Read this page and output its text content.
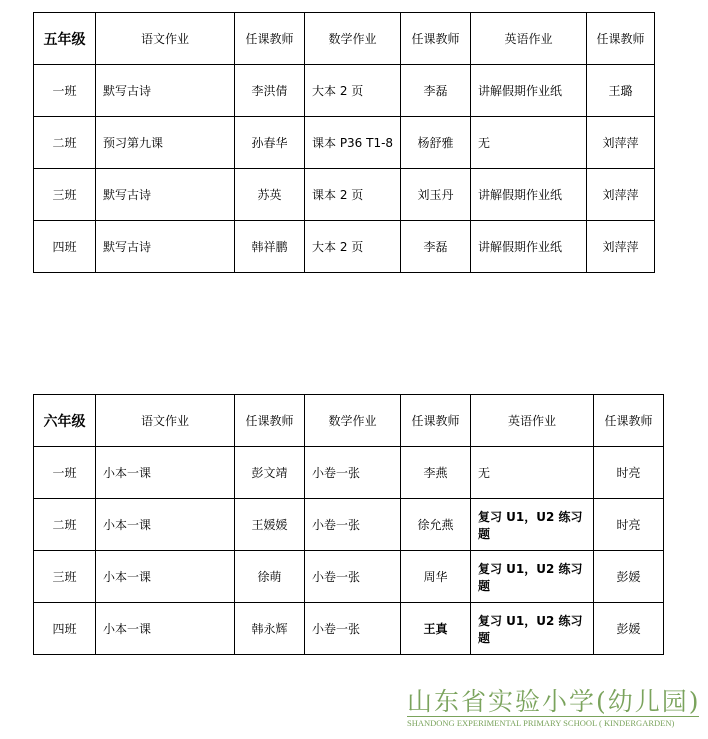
五年级	语文作业	任课教师	数学作业	任课教师	英语作业	任课教师
一班	默写古诗	李洪倩	大本 2 页	李磊	讲解假期作业纸	王璐
二班	预习第九课	孙春华	课本 P36 T1-8	杨舒雅	无	刘萍萍
三班	默写古诗	苏英	课本 2 页	刘玉丹	讲解假期作业纸	刘萍萍
四班	默写古诗	韩祥鹏	大本 2 页	李磊	讲解假期作业纸	刘萍萍
六年级	语文作业	任课教师	数学作业	任课教师	英语作业	任课教师
一班	小本一课	彭文靖	小卷一张	李燕	无	时亮
二班	小本一课	王媛媛	小卷一张	徐允燕	复习 U1，U2 练习题	时亮
三班	小本一课	徐萌	小卷一张	周华	复习 U1，U2 练习题	彭媛
四班	小本一课	韩永辉	小卷一张	王真	复习 U1，U2 练习题	彭媛
山东省实验小学(幼儿园)
SHANDONG EXPERIMENTAL PRIMARY SCHOOL ( KINDERGARDEN)
